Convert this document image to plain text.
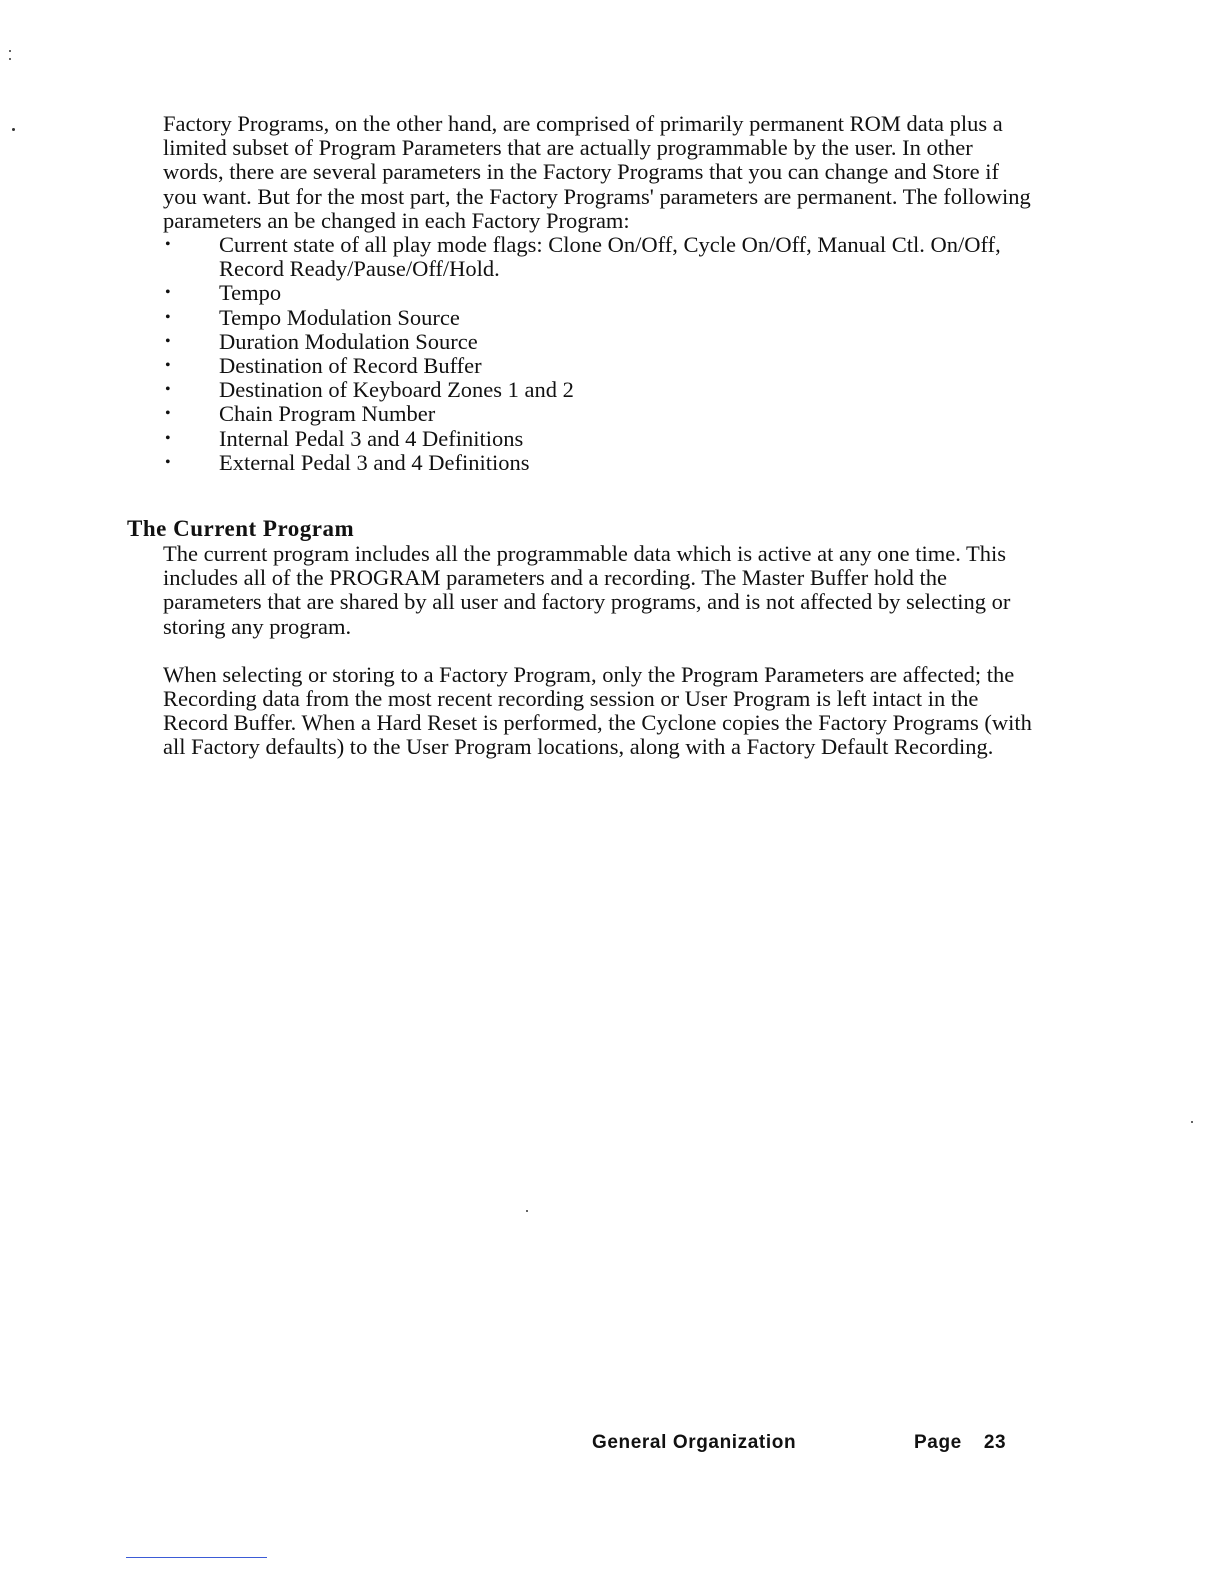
Factory Programs, on the other hand, are comprised of primarily permanent ROM data plus a limited subset of Program Parameters that are actually programmable by the user. In other words, there are several parameters in the Factory Programs that you can change and Store if you want. But for the most part, the Factory Programs' parameters are permanent. The following parameters an be changed in each Factory Program:

• Current state of all play mode flags: Clone On/Off, Cycle On/Off, Manual Ctl. On/Off, Record Ready/Pause/Off/Hold.
• Tempo
• Tempo Modulation Source
• Duration Modulation Source
• Destination of Record Buffer
• Destination of Keyboard Zones 1 and 2
• Chain Program Number
• Internal Pedal 3 and 4 Definitions
• External Pedal 3 and 4 Definitions
The Current Program

The current program includes all the programmable data which is active at any one time. This includes all of the PROGRAM parameters and a recording. The Master Buffer hold the parameters that are shared by all user and factory programs, and is not affected by selecting or storing any program.

When selecting or storing to a Factory Program, only the Program Parameters are affected; the Recording data from the most recent recording session or User Program is left intact in the Record Buffer. When a Hard Reset is performed, the Cyclone copies the Factory Programs (with all Factory defaults) to the User Program locations, along with a Factory Default Recording.

General Organization	Page 23
